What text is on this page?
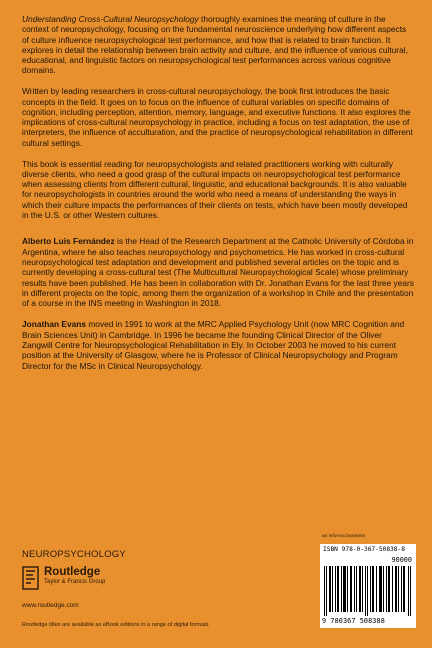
Understanding Cross-Cultural Neuropsychology thoroughly examines the meaning of culture in the context of neuropsychology, focusing on the fundamental neuroscience underlying how different aspects of culture influence neuropsychological test performance, and how that is related to brain function. It explores in detail the relationship between brain activity and culture, and the influence of various cultural, educational, and linguistic factors on neuropsychological test performances across various cognitive domains.

Written by leading researchers in cross-cultural neuropsychology, the book first introduces the basic concepts in the field. It goes on to focus on the influence of cultural variables on specific domains of cognition, including perception, attention, memory, language, and executive functions. It also explores the implications of cross-cultural neuropsychology in practice, including a focus on test adaptation, the use of interpreters, the influence of acculturation, and the practice of neuropsychological rehabilitation in different cultural settings.

This book is essential reading for neuropsychologists and related practitioners working with culturally diverse clients, who need a good grasp of the cultural impacts on neuropsychological test performance when assessing clients from different cultural, linguistic, and educational backgrounds. It is also valuable for neuropsychologists in countries around the world who need a means of understanding the ways in which their culture impacts the performances of their clients on tests, which have been mostly developed in the U.S. or other Western cultures.

Alberto Luis Fernández is the Head of the Research Department at the Catholic University of Córdoba in Argentina, where he also teaches neuropsychology and psychometrics. He has worked in cross-cultural neuropsychological test adaptation and development and published several articles on the topic and is currently developing a cross-cultural test (The Multicultural Neuropsychological Scale) whose preliminary results have been published. He has been in collaboration with Dr. Jonathan Evans for the last three years in different projects on the topic, among them the organization of a workshop in Chile and the presentation of a course in the INS meeting in Washington in 2018.

Jonathan Evans moved in 1991 to work at the MRC Applied Psychology Unit (now MRC Cognition and Brain Sciences Unit) in Cambridge. In 1996 he became the founding Clinical Director of the Oliver Zangwill Centre for Neuropsychological Rehabilitation in Ely. In October 2003 he moved to his current position at the University of Glasgow, where he is Professor of Clinical Neuropsychology and Program Director for the MSc in Clinical Neuropsychology.

NEUROPSYCHOLOGY
Routledge
Taylor & Francis Group
www.routledge.com
Routledge titles are available as eBook editions in a range of digital formats
an informa business
ISBN 978-0-367-50838-8
90000
9 780367 508388
